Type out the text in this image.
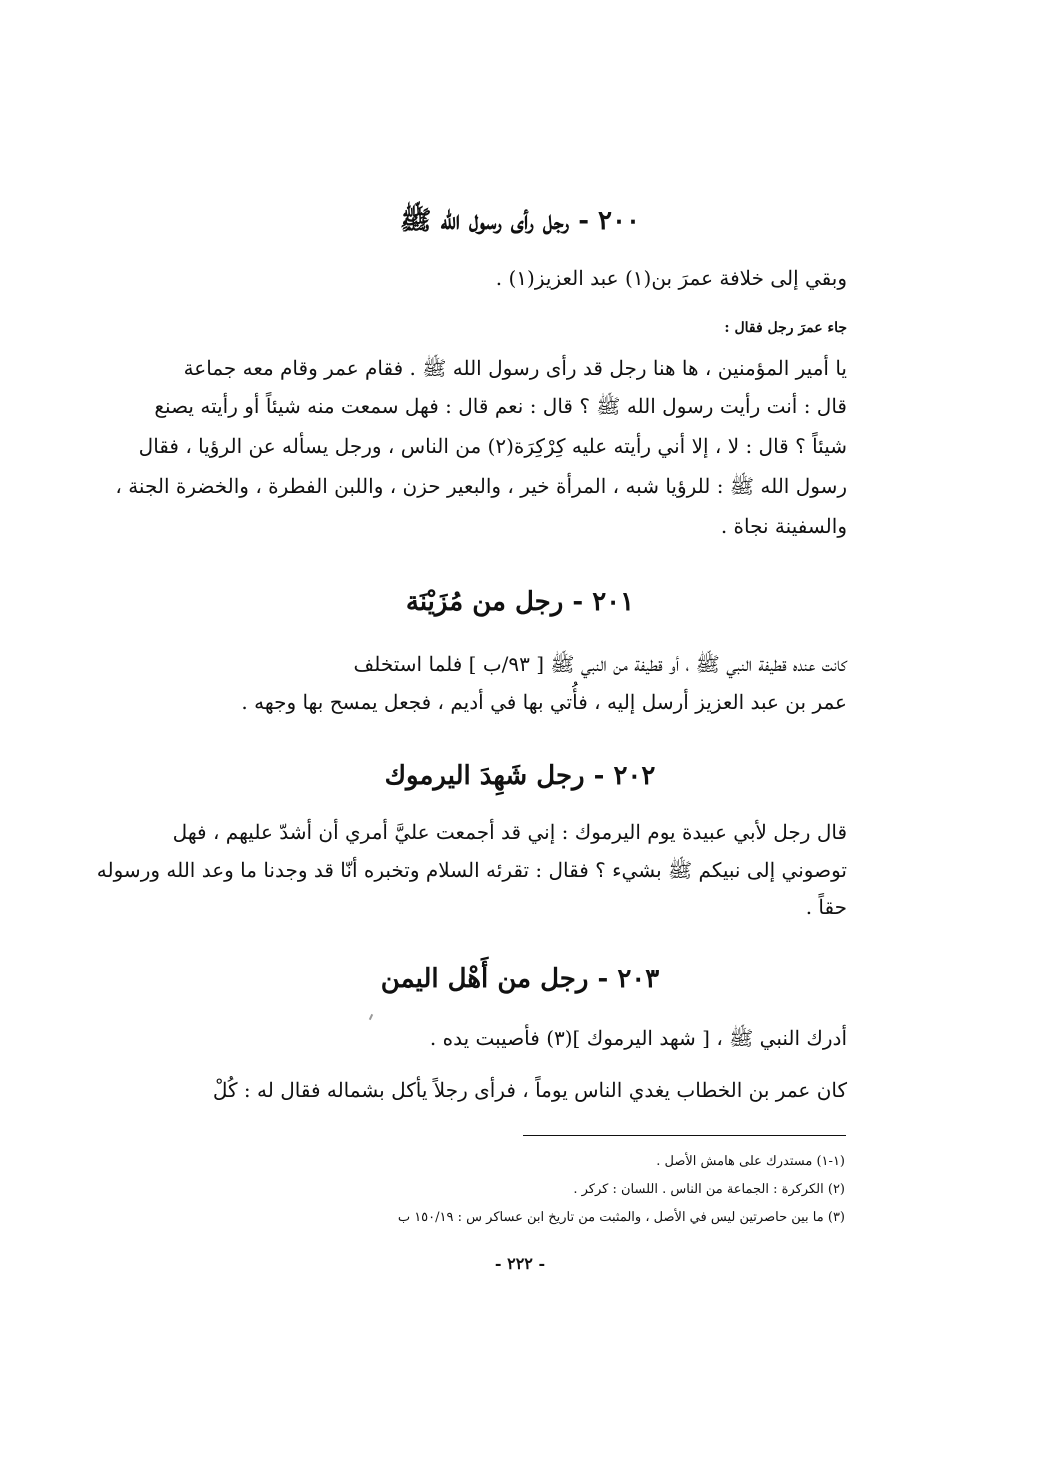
٢٠٠ - رجل رأى رسول الله ﷺ
وبقي إلى خلافة عمرَ بن(١) عبد العزيز(١) .
جاء عمرَ رجل فقال :
يا أمير المؤمنين ، ها هنا رجل قد رأى رسول الله ﷺ . فقام عمر وقام معه جماعة
قال : أنت رأيت رسول الله ﷺ ؟ قال : نعم قال : فهل سمعت منه شيئاً أو رأيته يصنع
شيئاً ؟ قال : لا ، إلا أني رأيته عليه كِرْكِرَة(٢) من الناس ، ورجل يسأله عن الرؤيا ، فقال
رسول الله ﷺ : للرؤيا شبه ، المرأة خير ، والبعير حزن ، واللبن الفطرة ، والخضرة الجنة ،
والسفينة نجاة .
٢٠١ - رجل من مُزَيْنَة
كانت عنده قطيفة النبي ﷺ ، أو قطيفة من النبي ﷺ [ ٩٣/ب ] فلما استخلف
عمر بن عبد العزيز أرسل إليه ، فأُتي بها في أديم ، فجعل يمسح بها وجهه .
٢٠٢ - رجل شَهِدَ اليرموك
قال رجل لأبي عبيدة يوم اليرموك : إني قد أجمعت عليَّ أمري أن أشدّ عليهم ، فهل
توصوني إلى نبيكم ﷺ بشيء ؟ فقال : تقرئه السلام وتخبره أنّا قد وجدنا ما وعد الله ورسوله
حقاً .
٢٠٣ - رجل من أَهْل اليمن
أدرك النبي ﷺ ، [ شهد اليرموك ](٣) فأصيبت يده .
كان عمر بن الخطاب يغدي الناس يوماً ، فرأى رجلاً يأكل بشماله فقال له : كُلْ
(١-١) مستدرك على هامش الأصل .
(٢) الكركرة : الجماعة من الناس . اللسان : كركر .
(٣) ما بين حاصرتين ليس في الأصل ، والمثبت من تاريخ ابن عساكر س : ١٥٠/١٩ ب
- ٢٢٢ -
